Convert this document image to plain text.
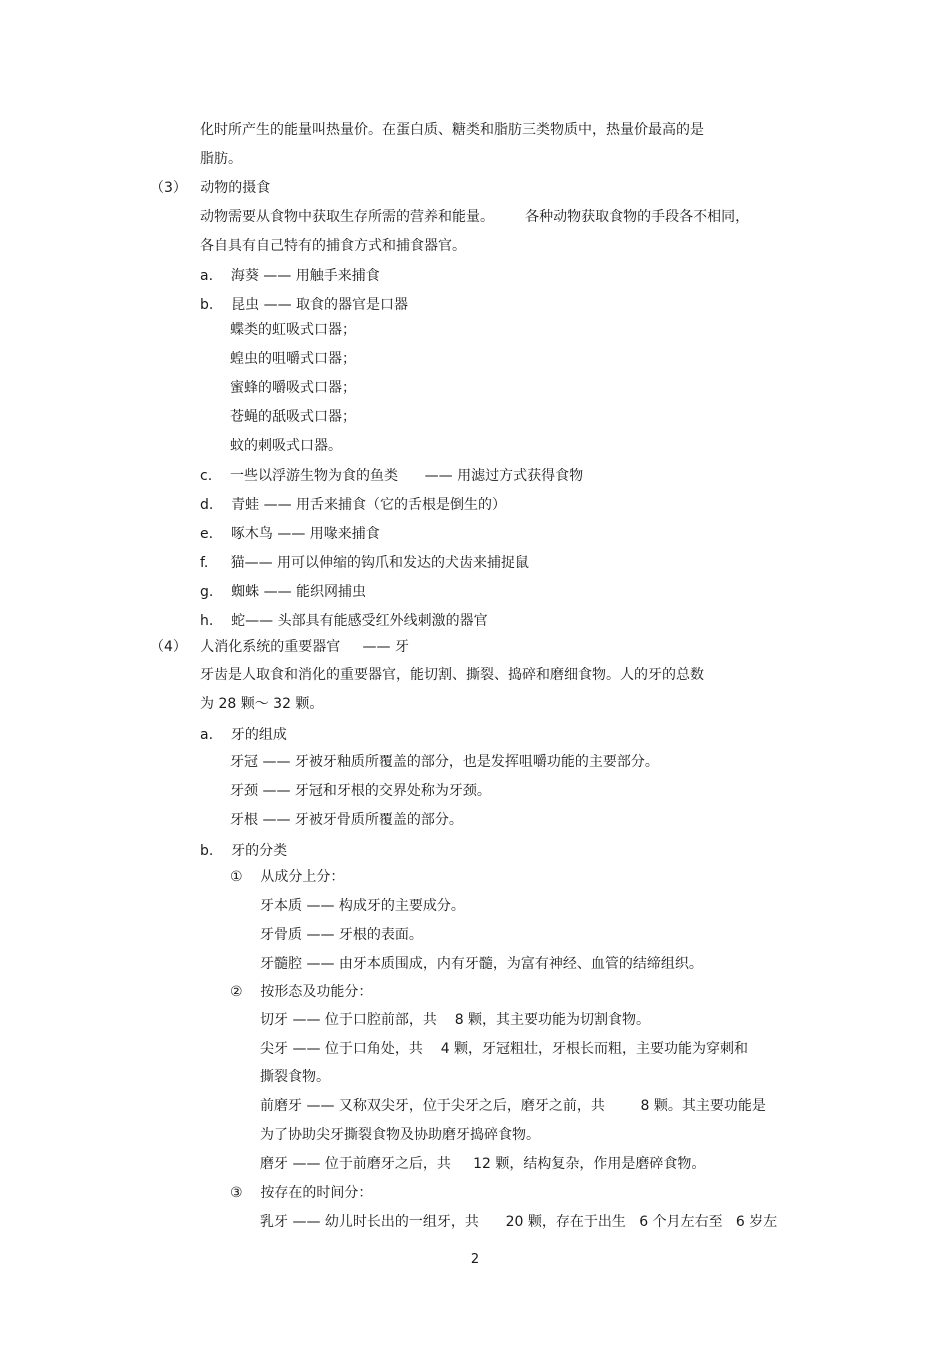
化时所产生的能量叫热量价。在蛋白质、糖类和脂肪三类物质中，热量价最高的是
脂肪。
（3）   动物的摄食
动物需要从食物中获取生存所需的营养和能量。       各种动物获取食物的手段各不相同，
各自具有自己特有的捕食方式和捕食器官。
a.    海葵 —— 用触手来捕食
b.    昆虫 —— 取食的器官是口器
蝶类的虹吸式口器；
蝗虫的咀嚼式口器；
蜜蜂的嚼吸式口器；
苍蝇的舐吸式口器；
蚊的刺吸式口器。
c.    一些以浮游生物为食的鱼类      —— 用滤过方式获得食物
d.    青蛙 —— 用舌来捕食（它的舌根是倒生的）
e.    啄木鸟 —— 用喙来捕食
f.     猫—— 用可以伸缩的钩爪和发达的犬齿来捕捉鼠
g.    蜘蛛 —— 能织网捕虫
h.    蛇—— 头部具有能感受红外线刺激的器官
（4）   人消化系统的重要器官     —— 牙
牙齿是人取食和消化的重要器官，能切割、撕裂、捣碎和磨细食物。人的牙的总数
为 28 颗～ 32 颗。
a.    牙的组成
牙冠 —— 牙被牙釉质所覆盖的部分，也是发挥咀嚼功能的主要部分。
牙颈 —— 牙冠和牙根的交界处称为牙颈。
牙根 —— 牙被牙骨质所覆盖的部分。
b.    牙的分类
①    从成分上分：
牙本质 —— 构成牙的主要成分。
牙骨质 —— 牙根的表面。
牙髓腔 —— 由牙本质围成，内有牙髓，为富有神经、血管的结缔组织。
②    按形态及功能分：
切牙 —— 位于口腔前部，共    8 颗，其主要功能为切割食物。
尖牙 —— 位于口角处，共    4 颗，牙冠粗壮，牙根长而粗，主要功能为穿刺和
撕裂食物。
前磨牙 —— 又称双尖牙，位于尖牙之后，磨牙之前，共        8 颗。其主要功能是
为了协助尖牙撕裂食物及协助磨牙捣碎食物。
磨牙 —— 位于前磨牙之后，共     12 颗，结构复杂，作用是磨碎食物。
③    按存在的时间分：
乳牙 —— 幼儿时长出的一组牙，共      20 颗，存在于出生   6 个月左右至   6 岁左
2
